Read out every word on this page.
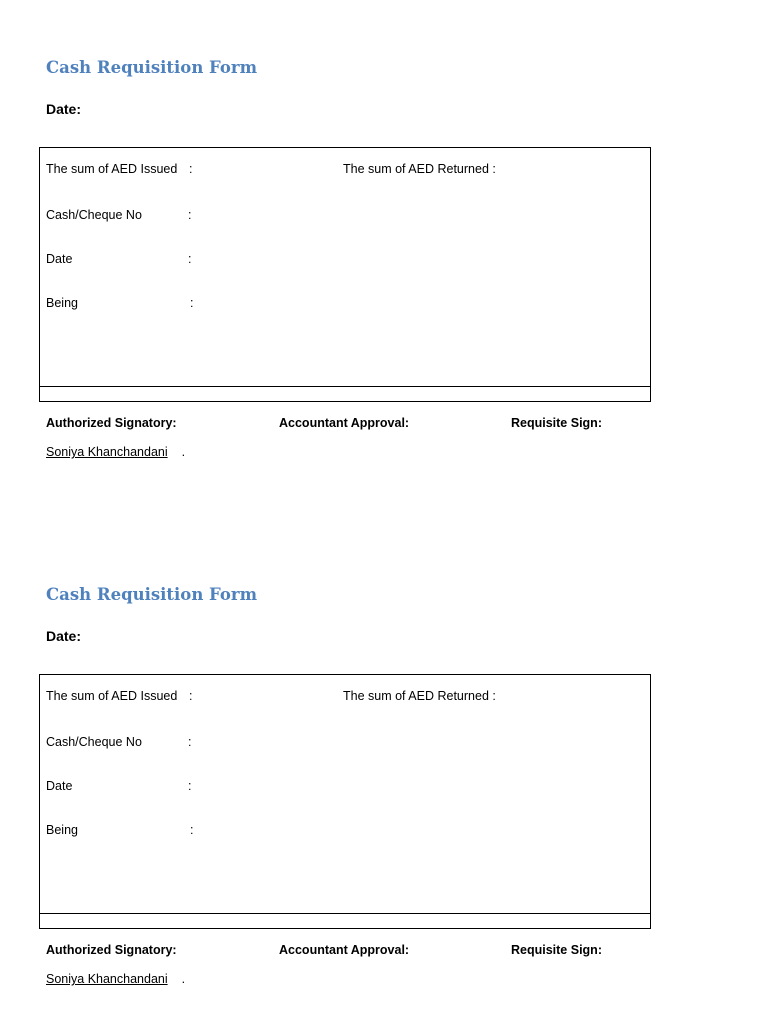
Cash Requisition Form
Date:
The sum of AED Issued :	The sum of AED Returned :
Cash/Cheque No	:
Date	:
Being	:
Authorized Signatory:	Accountant Approval:	Requisite Sign:
Soniya Khanchandani .
Cash Requisition Form
Date:
The sum of AED Issued :	The sum of AED Returned :
Cash/Cheque No	:
Date	:
Being	:
Authorized Signatory:	Accountant Approval:	Requisite Sign:
Soniya Khanchandani .
